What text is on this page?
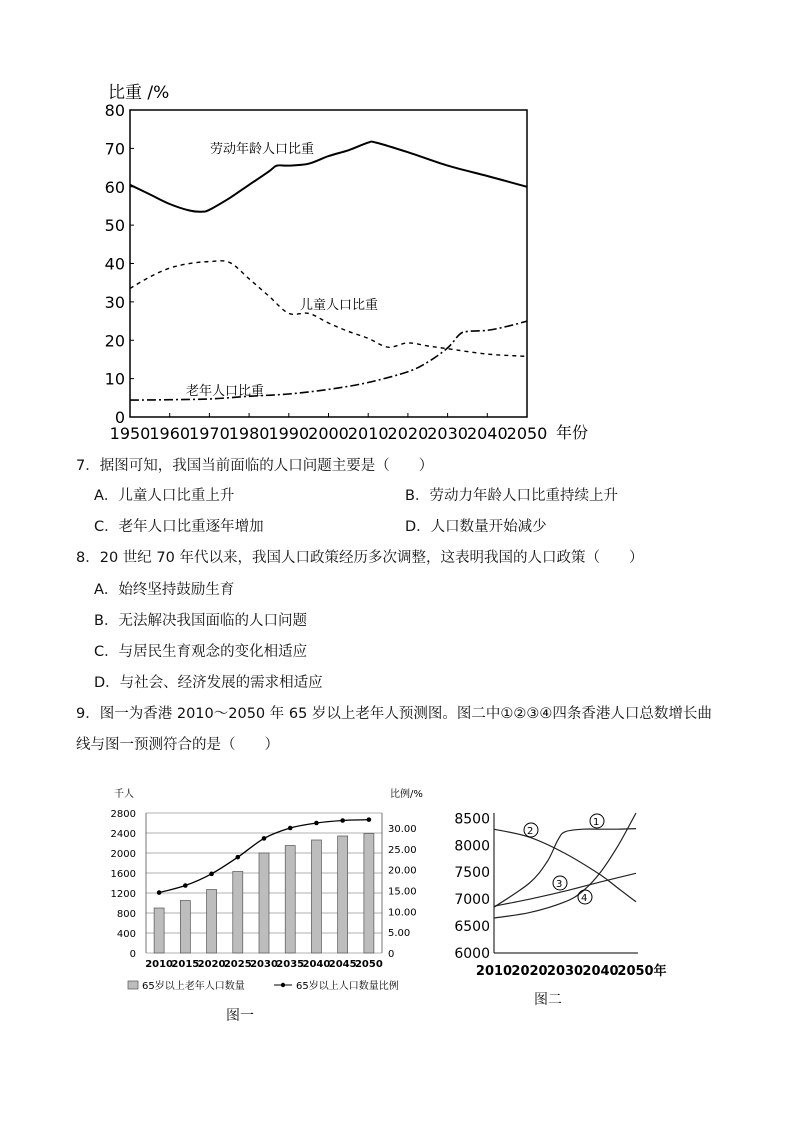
比重 /%
0
10
20
30
40
50
60
70
80
1950
1960
1970
1980
1990
2000
2010
2020
2030
2040
2050 年份
劳动年龄人口比重
儿童人口比重
老年人口比重
7．据图可知，我国当前面临的人口问题主要是（　　）
A．儿童人口比重上升	B．劳动力年龄人口比重持续上升
C．老年人口比重逐年增加	D．人口数量开始减少
8．20 世纪 70 年代以来，我国人口政策经历多次调整，这表明我国的人口政策（　　）
A．始终坚持鼓励生育
B．无法解决我国面临的人口问题
C．与居民生育观念的变化相适应
D．与社会、经济发展的需求相适应
9．图一为香港 2010～2050 年 65 岁以上老年人预测图。图二中①②③④四条香港人口总数增长曲
线与图一预测符合的是（　　）
千人	比例/%
0
400
800
1200
1600
2000
2400
2800
0
5.00
10.00
15.00
20.00
25.00
30.00
2010
2015
2020
2025
2030
2035
2040
2045
2050
65岁以上老年人口数量	65岁以上人口数量比例
图一
6000
6500
7000
7500
8000
8500
2010 2020 2030 2040
2050年
1
2
3
4
图二
